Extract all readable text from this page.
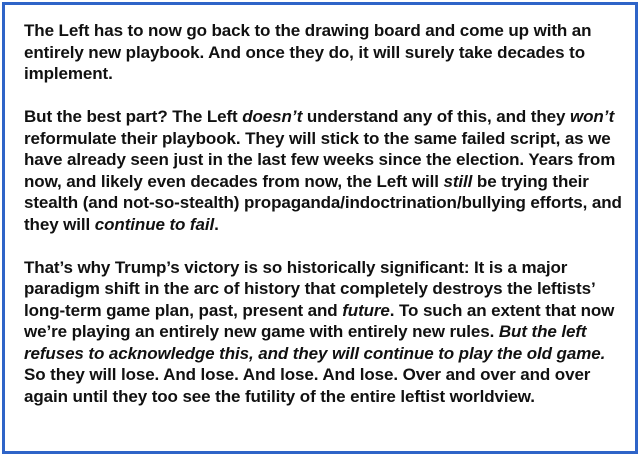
The Left has to now go back to the drawing board and come up with an entirely new playbook. And once they do, it will surely take decades to implement.

But the best part? The Left doesn’t understand any of this, and they won’t reformulate their playbook. They will stick to the same failed script, as we have already seen just in the last few weeks since the election. Years from now, and likely even decades from now, the Left will still be trying their stealth (and not-so-stealth) propaganda/indoctrination/bullying efforts, and they will continue to fail.

That’s why Trump’s victory is so historically significant: It is a major paradigm shift in the arc of history that completely destroys the leftists’ long-term game plan, past, present and future. To such an extent that now we’re playing an entirely new game with entirely new rules. But the left refuses to acknowledge this, and they will continue to play the old game. So they will lose. And lose. And lose. And lose. Over and over and over again until they too see the futility of the entire leftist worldview.
